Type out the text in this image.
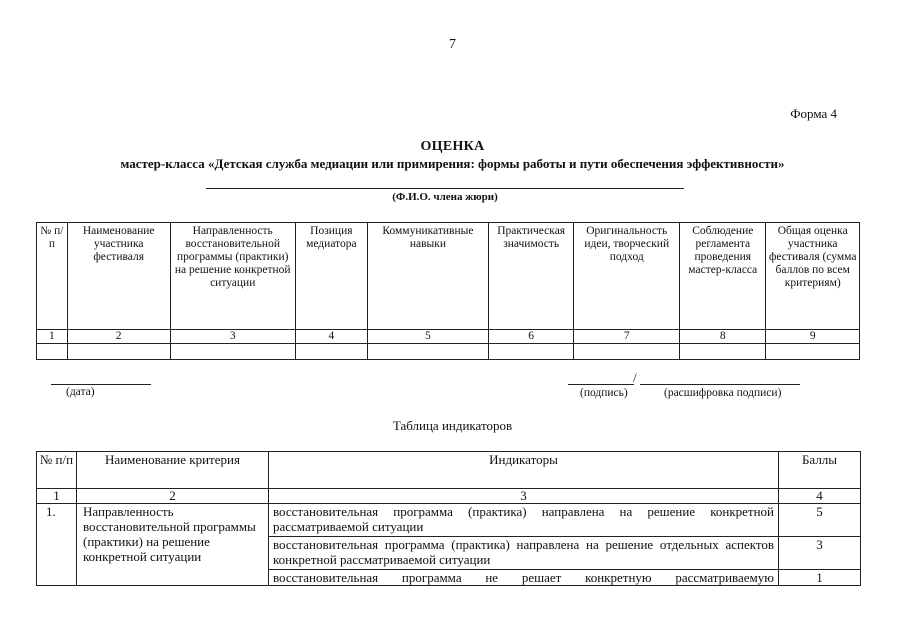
7
Форма 4
ОЦЕНКА
мастер-класса «Детская служба медиации или примирения: формы работы и пути обеспечения эффективности»
(Ф.И.О. члена жюри)
№ п/п	Наименование участника фестиваля	Направленность восстановительной программы (практики) на решение конкретной ситуации	Позиция медиатора	Коммуникативные навыки	Практическая значимость	Оригинальность идеи, творческий подход	Соблюдение регламента проведения мастер-класса	Общая оценка участника фестиваля (сумма баллов по всем критериям)
1	2	3	4	5	6	7	8	9

(дата)
/
(подпись)	(расшифровка подписи)
Таблица индикаторов
№ п/п	Наименование критерия	Индикаторы	Баллы
1	2	3	4
1.	Направленность восстановительной программы (практики) на решение конкретной ситуации	восстановительная программа (практика) направлена на решение конкретной рассматриваемой ситуации	5
		восстановительная программа (практика) направлена на решение отдельных аспектов конкретной рассматриваемой ситуации	3
		восстановительная программа не решает конкретную рассматриваемую	1
